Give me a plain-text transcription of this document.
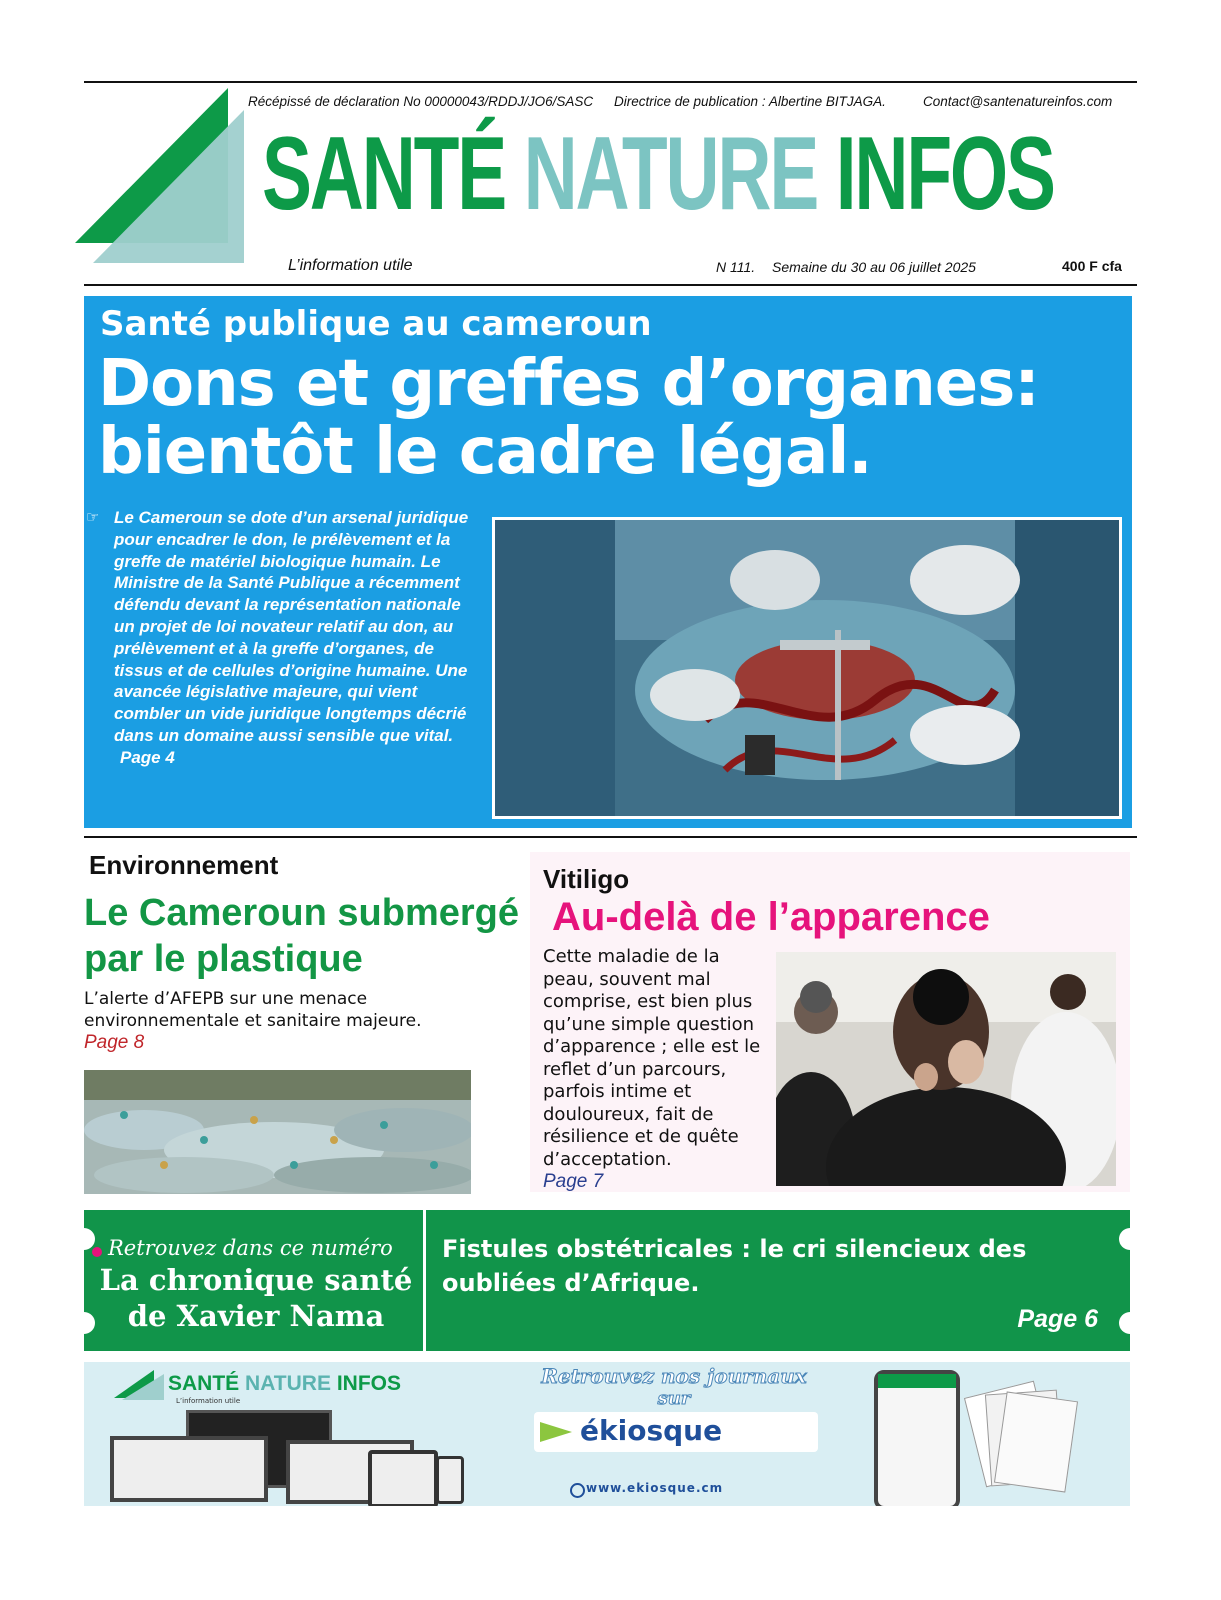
Récépissé de déclaration No 00000043/RDDJ/JO6/SASC Directrice de publication : Albertine BITJAGA.	Contact@santenatureinfos.com
SANTÉ NATURE INFOS
L’information utile	N 111. Semaine du 30 au 06 juillet 2025	400 F cfa
Santé publique au cameroun
Dons et greffes d’organes:
bientôt le cadre légal.
☞ Le Cameroun se dote d’un arsenal juridique pour encadrer le don, le prélèvement et la greffe de matériel biologique humain. Le Ministre de la Santé Publique a récemment défendu devant la représentation nationale un projet de loi novateur relatif au don, au prélèvement et à la greffe d’organes, de tissus et de cellules d’origine humaine. Une avancée législative majeure, qui vient combler un vide juridique longtemps décrié dans un domaine aussi sensible que vital. Page 4
Environnement
Le Cameroun submergé par le plastique
L’alerte d’AFEPB sur une menace environnementale et sanitaire majeure.
Page 8
Vitiligo
Au-delà de l’apparence
Cette maladie de la peau, souvent mal comprise, est bien plus qu’une simple question d’apparence ; elle est le reflet d’un parcours, parfois intime et douloureux, fait de résilience et de quête d’acceptation.
Page 7
Retrouvez dans ce numéro
La chronique santé
de Xavier Nama
Fistules obstétricales : le cri silencieux des oubliées d’Afrique.
Page 6
SANTÉ NATURE INFOS
L’information utile
Retrouvez nos journaux
sur
ékiosque
www.ekiosque.cm
